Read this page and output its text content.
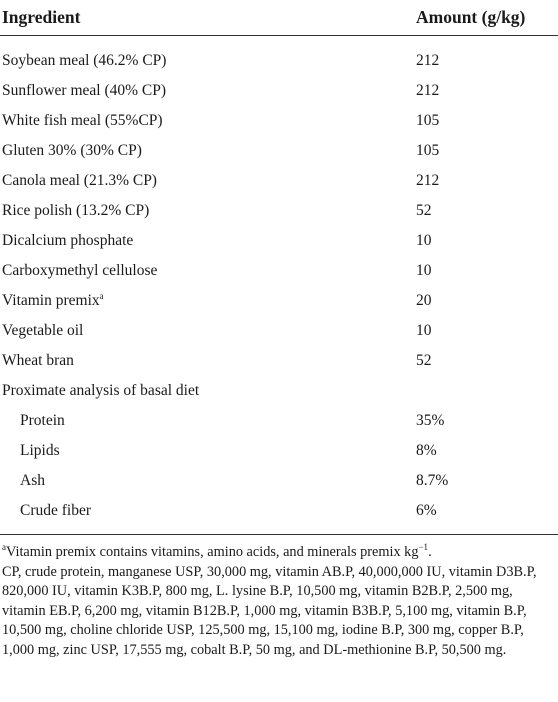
Ingredient	Amount (g/kg)
Soybean meal (46.2% CP)	212
Sunflower meal (40% CP)	212
White fish meal (55%CP)	105
Gluten 30% (30% CP)	105
Canola meal (21.3% CP)	212
Rice polish (13.2% CP)	52
Dicalcium phosphate	10
Carboxymethyl cellulose	10
Vitamin premix$^a$	20
Vegetable oil	10
Wheat bran	52
Proximate analysis of basal diet
Protein	35%
Lipids	8%
Ash	8.7%
Crude fiber	6%

$^a$Vitamin premix contains vitamins, amino acids, and minerals premix $kg^{-1}$.

CP, crude protein, manganese USP, 30,000 mg, vitamin AB.P, 40,000,000 IU, vitamin D3B.P, 820,000 IU, vitamin K3B.P, 800 mg, L. lysine B.P, 10,500 mg, vitamin B2B.P, 2,500 mg, vitamin EB.P, 6,200 mg, vitamin B12B.P, 1,000 mg, vitamin B3B.P, 5,100 mg, vitamin B.P, 10,500 mg, choline chloride USP, 125,500 mg, 15,100 mg, iodine B.P, 300 mg, copper B.P, 1,000 mg, zinc USP, 17,555 mg, cobalt B.P, 50 mg, and DL-methionine B.P, 50,500 mg.
